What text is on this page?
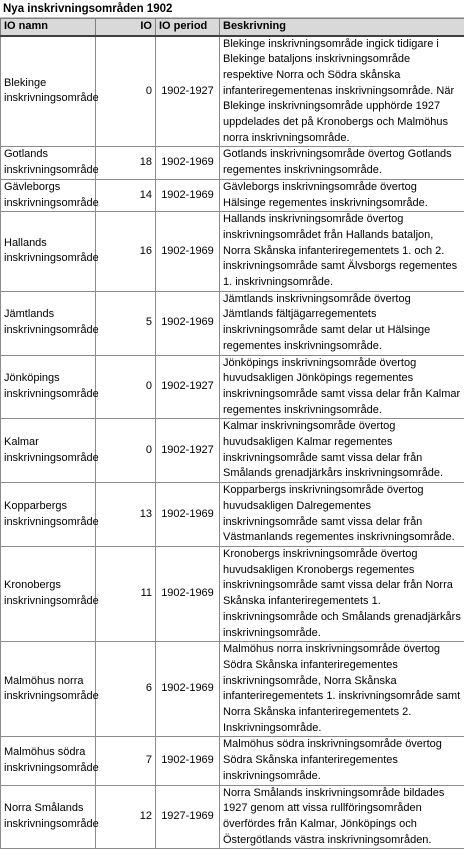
Nya inskrivningsområden 1902
IO namn	IO	IO period	Beskrivning
Blekinge inskrivningsområde	0	1902-1927	Blekinge inskrivningsområde ingick tidigare i Blekinge bataljons inskrivningsområde respektive Norra och Södra skånska infanteriregementenas inskrivningsområde. När Blekinge inskrivningsområde upphörde 1927 uppdelades det på Kronobergs och Malmöhus norra inskrivningsområde.
Gotlands inskrivningsområde	18	1902-1969	Gotlands inskrivningsområde övertog Gotlands regementes inskrivningsområde.
Gävleborgs inskrivningsområde	14	1902-1969	Gävleborgs inskrivningsområde övertog Hälsinge regementes inskrivningsområde.
Hallands inskrivningsområde	16	1902-1969	Hallands inskrivningsområde övertog inskrivningsområdet från Hallands bataljon, Norra Skånska infanteriregementets 1. och 2. inskrivningsområde samt Älvsborgs regementes 1. inskrivningsområde.
Jämtlands inskrivningsområde	5	1902-1969	Jämtlands inskrivningsområde övertog Jämtlands fältjägarregementets inskrivningsområde samt delar ut Hälsinge regementes inskrivningsområde.
Jönköpings inskrivningsområde	0	1902-1927	Jönköpings inskrivningsområde övertog huvudsakligen Jönköpings regementes inskrivningsområde samt vissa delar från Kalmar regementes inskrivningsområde.
Kalmar inskrivningsområde	0	1902-1927	Kalmar inskrivningsområde övertog huvudsakligen Kalmar regementes inskrivningsområde samt vissa delar från Smålands grenadjärkårs inskrivningsområde.
Kopparbergs inskrivningsområde	13	1902-1969	Kopparbergs inskrivningsområde övertog huvudsakligen Dalregementes inskrivningsområde samt vissa delar från Västmanlands regementes inskrivningsområde.
Kronobergs inskrivningsområde	11	1902-1969	Kronobergs inskrivningsområde övertog huvudsakligen Kronobergs regementes inskrivningsområde samt vissa delar från Norra Skånska infanteriregementets 1. inskrivningsområde och Smålands grenadjärkårs inskrivningsområde.
Malmöhus norra inskrivningsområde	6	1902-1969	Malmöhus norra inskrivningsområde övertog Södra Skånska infanteriregementes inskrivningsområde, Norra Skånska infanteriregementets 1. inskrivningsområde samt Norra Skånska infanteriregementets 2. Inskrivningsområde.
Malmöhus södra inskrivningsområde	7	1902-1969	Malmöhus södra inskrivningsområde övertog Södra Skånska infanteriregementes inskrivningsområde.
Norra Smålands inskrivningsområde	12	1927-1969	Norra Smålands inskrivningsområde bildades 1927 genom att vissa rullföringsområden överfördes från Kalmar, Jönköpings och Östergötlands västra inskrivningsområden.
